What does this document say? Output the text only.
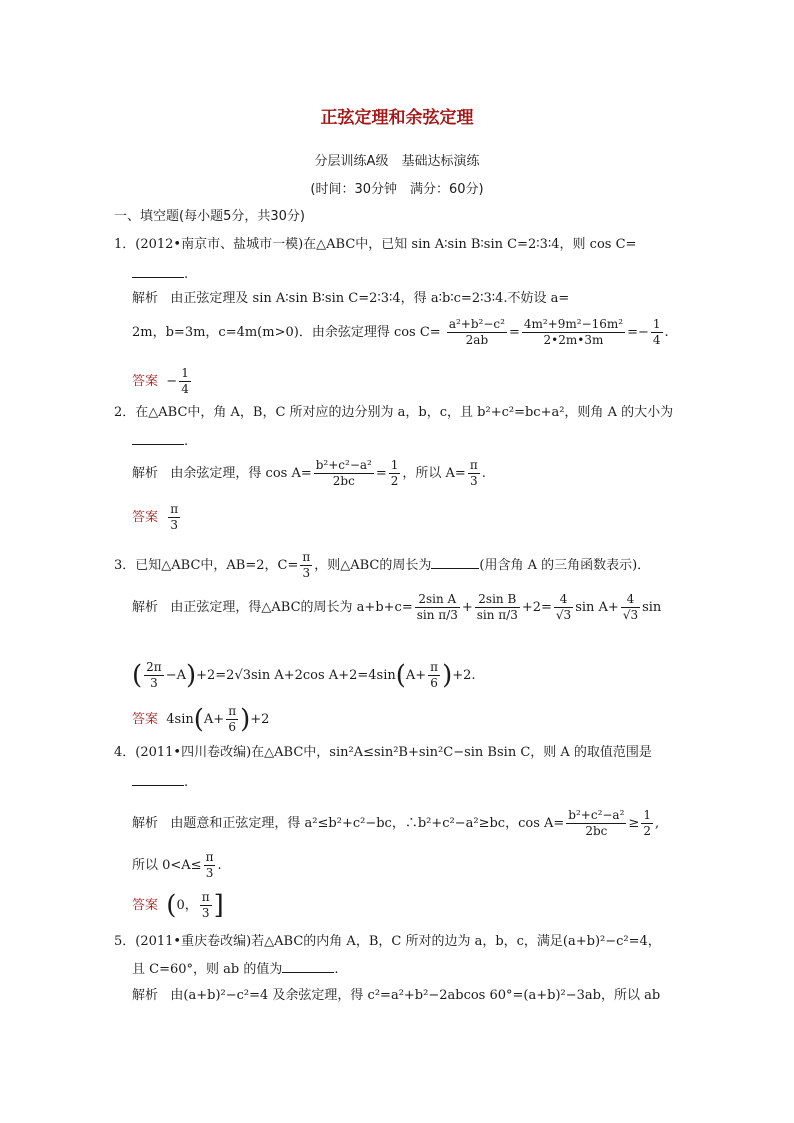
正弦定理和余弦定理
分层训练A级　基础达标演练
(时间：30分钟　满分：60分)
一、填空题(每小题5分，共30分)
1．(2012•南京市、盐城市一模)在△ABC中，已知 sin A∶sin B∶sin C=2∶3∶4，则 cos C=
.
解析 由正弦定理及 sin A∶sin B∶sin C=2∶3∶4，得 a∶b∶c=2∶3∶4.不妨设 a=
2m，b=3m，c=4m(m>0)．由余弦定理得 $\cos C= \frac{\text{a²+b²−c²}}{2ab} = \frac{\text{4m²+9m²−16m²}}{2•2m•3m} =- \frac{1}{4}$ .
答案  − $\frac{1}{4}$
2．在△ABC中，角 A，B，C 所对应的边分别为 a，b，c，且 b²+c²=bc+a²，则角 A 的大小为
.
解析 由余弦定理，得 $\cos A= \frac{\text{b²+c²−a²}}{2bc} = \frac{1}{2}$ ，所以 $A= \frac{\pi}{3}$ .
答案 $\frac{\pi}{3}$
3．已知△ABC中，AB=2，$C= \frac{\pi}{3}$ ，则△ABC的周长为	(用含角 A 的三角函数表示)．
解析 由正弦定理，得△ABC的周长为 $a+b+c= \frac{\text{2sin A}}{\text{sin π/3}} + \frac{\text{2sin B}}{\text{sin π/3}} +2= \frac{4}{√3}$ $\sin A+ \frac{4}{√3}$ sin
( $\frac{2\pi}{3} -A)+2=2√3\sin$ A+2cos $A+2=4\sin(A+ \frac{\pi}{6} )+2$.
答案 $4\sin(A+ \frac{\pi}{6} )+2$
4．(2011•四川卷改编)在△ABC中，sin²A≤sin²B+sin²C−sin Bsin C，则 A 的取值范围是
.
解析 由题意和正弦定理，得 a²≤b²+c²−bc，∴b²+c²−a²≥bc，$\cos A= \frac{\text{b²+c²−a²}}{2bc} \ge \frac{1}{2}$ ,
所以 $0<A\le \frac{\pi}{3}$ .
答案 (0， $\frac{\pi}{3}$ ]
5．(2011•重庆卷改编)若△ABC的内角 A，B，C 所对的边为 a，b，c，满足(a+b)²−c²=4，
且 C=60°，则 ab 的值为	.
解析 由(a+b)²−c²=4 及余弦定理，得 c²=a²+b²−2abcos 60°=(a+b)²−3ab，所以 ab
